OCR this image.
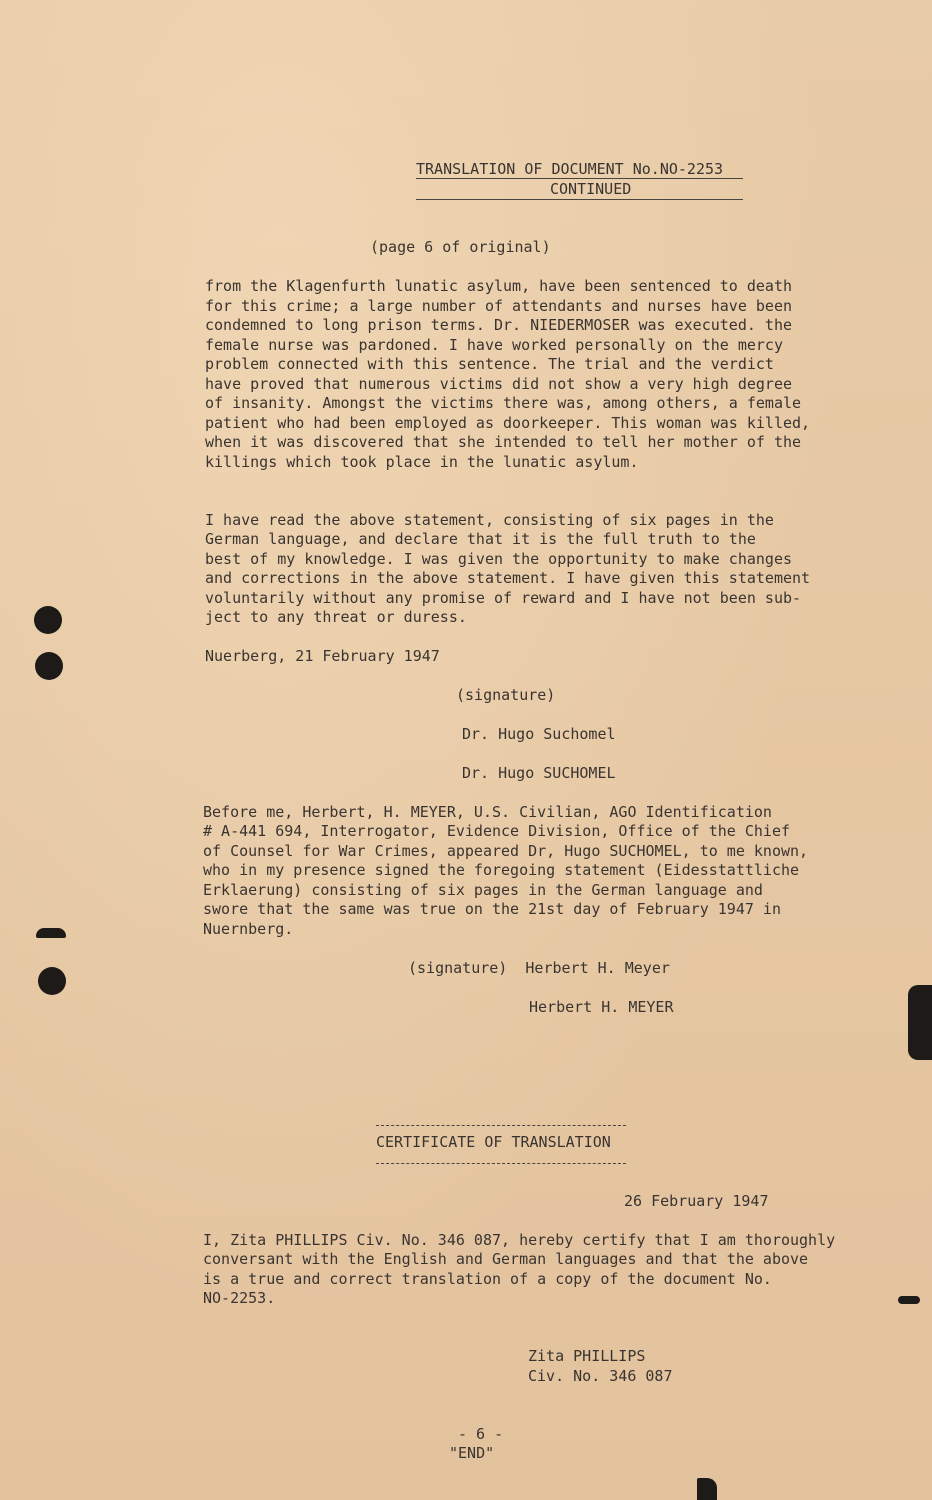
TRANSLATION OF DOCUMENT No.NO-2253
CONTINUED
(page 6 of original)
from the Klagenfurth lunatic asylum, have been sentenced to death
for this crime; a large number of attendants and nurses have been
condemned to long prison terms. Dr. NIEDERMOSER was executed. the
female nurse was pardoned. I have worked personally on the mercy
problem connected with this sentence. The trial and the verdict
have proved that numerous victims did not show a very high degree
of insanity. Amongst the victims there was, among others, a female
patient who had been employed as doorkeeper. This woman was killed,
when it was discovered that she intended to tell her mother of the
killings which took place in the lunatic asylum.
I have read the above statement, consisting of six pages in the
German language, and declare that it is the full truth to the
best of my knowledge. I was given the opportunity to make changes
and corrections in the above statement. I have given this statement
voluntarily without any promise of reward and I have not been sub-
ject to any threat or duress.
Nuerberg, 21 February 1947
(signature)
Dr. Hugo Suchomel
Dr. Hugo SUCHOMEL
Before me, Herbert, H. MEYER, U.S. Civilian, AGO Identification
# A-441 694, Interrogator, Evidence Division, Office of the Chief
of Counsel for War Crimes, appeared Dr, Hugo SUCHOMEL, to me known,
who in my presence signed the foregoing statement (Eidesstattliche
Erklaerung) consisting of six pages in the German language and
swore that the same was true on the 21st day of February 1947 in
Nuernberg.
(signature)  Herbert H. Meyer
Herbert H. MEYER
CERTIFICATE OF TRANSLATION
26 February 1947
I, Zita PHILLIPS Civ. No. 346 087, hereby certify that I am thoroughly
conversant with the English and German languages and that the above
is a true and correct translation of a copy of the document No.
NO-2253.
Zita PHILLIPS
Civ. No. 346 087
- 6 -
"END"
